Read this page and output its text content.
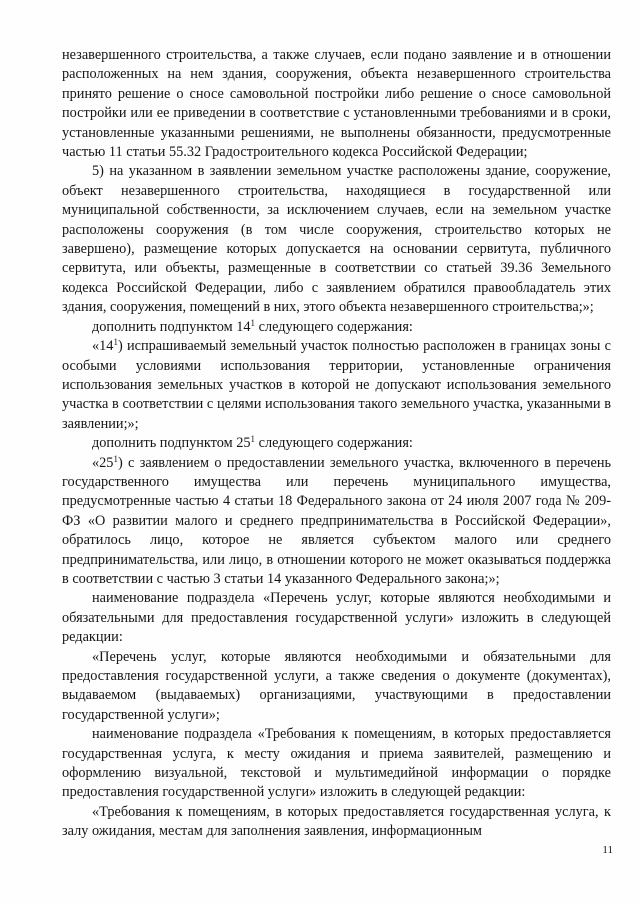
незавершенного строительства, а также случаев, если подано заявление и в отношении расположенных на нем здания, сооружения, объекта незавершенного строительства принято решение о сносе самовольной постройки либо решение о сносе самовольной постройки или ее приведении в соответствие с установленными требованиями и в сроки, установленные указанными решениями, не выполнены обязанности, предусмотренные частью 11 статьи 55.32 Градостроительного кодекса Российской Федерации;

5) на указанном в заявлении земельном участке расположены здание, сооружение, объект незавершенного строительства, находящиеся в государственной или муниципальной собственности, за исключением случаев, если на земельном участке расположены сооружения (в том числе сооружения, строительство которых не завершено), размещение которых допускается на основании сервитута, публичного сервитута, или объекты, размещенные в соответствии со статьей 39.36 Земельного кодекса Российской Федерации, либо с заявлением обратился правообладатель этих здания, сооружения, помещений в них, этого объекта незавершенного строительства;»;

дополнить подпунктом $14^1$ следующего содержания:

«$14^1$) испрашиваемый земельный участок полностью расположен в границах зоны с особыми условиями использования территории, установленные ограничения использования земельных участков в которой не допускают использования земельного участка в соответствии с целями использования такого земельного участка, указанными в заявлении;»;

дополнить подпунктом $25^1$ следующего содержания:

«$25^1$) с заявлением о предоставлении земельного участка, включенного в перечень государственного имущества или перечень муниципального имущества, предусмотренные частью 4 статьи 18 Федерального закона от 24 июля 2007 года № 209-ФЗ «О развитии малого и среднего предпринимательства в Российской Федерации», обратилось лицо, которое не является субъектом малого или среднего предпринимательства, или лицо, в отношении которого не может оказываться поддержка в соответствии с частью 3 статьи 14 указанного Федерального закона;»;

наименование подраздела «Перечень услуг, которые являются необходимыми и обязательными для предоставления государственной услуги» изложить в следующей редакции:

«Перечень услуг, которые являются необходимыми и обязательными для предоставления государственной услуги, а также сведения о документе (документах), выдаваемом (выдаваемых) организациями, участвующими в предоставлении государственной услуги»;

наименование подраздела «Требования к помещениям, в которых предоставляется государственная услуга, к месту ожидания и приема заявителей, размещению и оформлению визуальной, текстовой и мультимедийной информации о порядке предоставления государственной услуги» изложить в следующей редакции:

«Требования к помещениям, в которых предоставляется государственная услуга, к залу ожидания, местам для заполнения заявления, информационным

11
